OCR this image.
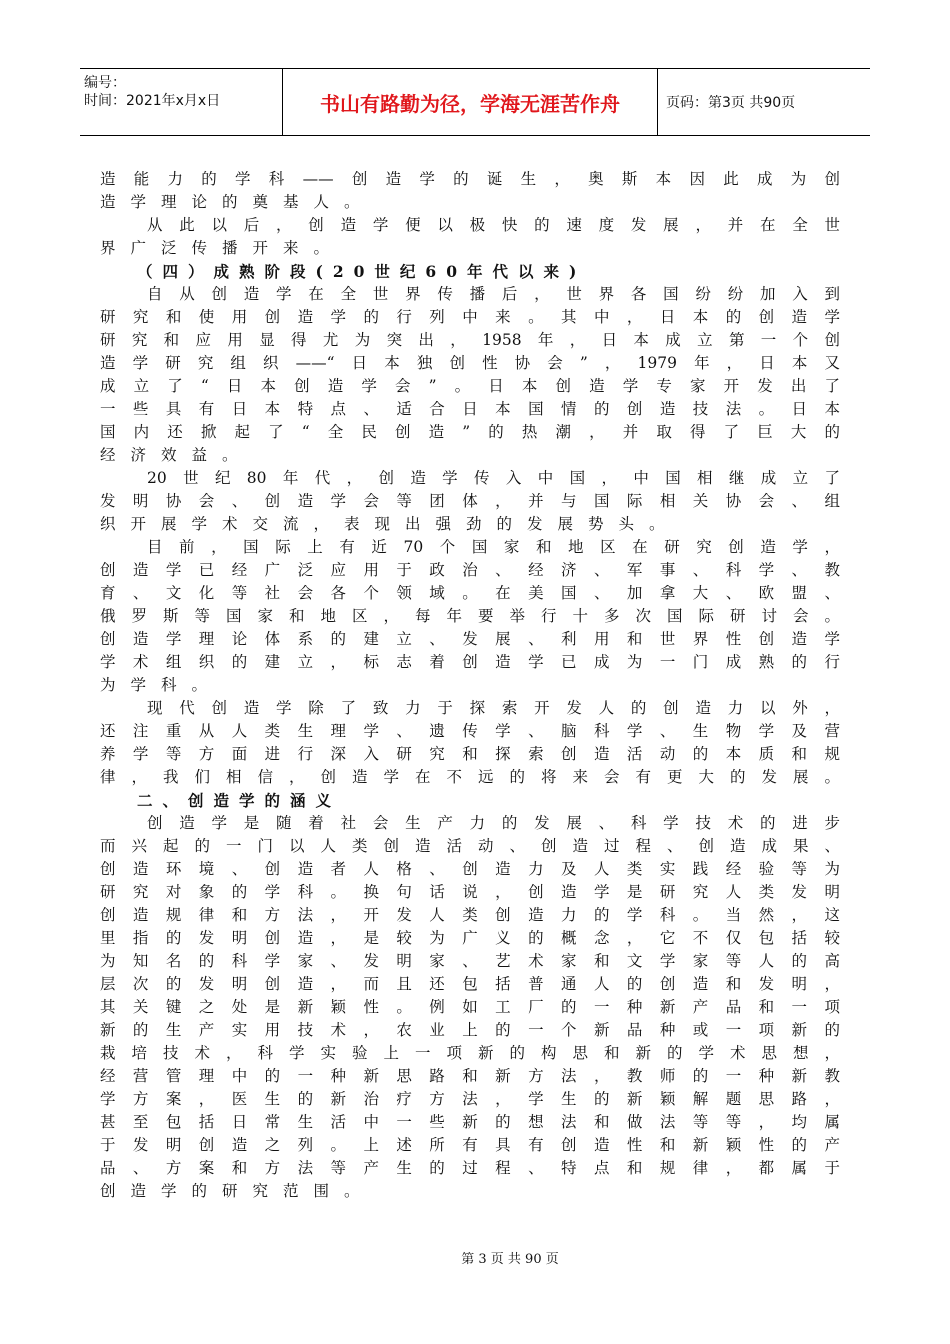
编号：
时间：2021年x月x日	书山有路勤为径，学海无涯苦作舟	页码：第3页 共90页
造能力的学科——创造学的诞生，奥斯本因此成为创
造学理论的奠基人。
从此以后，创造学便以极快的速度发展，并在全世
界广泛传播开来。
（四）成熟阶段(20世纪60年代以来)
自从创造学在全世界传播后，世界各国纷纷加入到
研究和使用创造学的行列中来。其中，日本的创造学
研究和应用显得尤为突出，1958年，日本成立第一个创
造学研究组织——“日本独创性协会”，1979年，日本又
成立了“日本创造学会”。日本创造学专家开发出了
一些具有日本特点、适合日本国情的创造技法。日本
国内还掀起了“全民创造”的热潮，并取得了巨大的
经济效益。
20世纪80年代，创造学传入中国，中国相继成立了
发明协会、创造学会等团体，并与国际相关协会、组
织开展学术交流，表现出强劲的发展势头。
目前，国际上有近70个国家和地区在研究创造学，
创造学已经广泛应用于政治、经济、军事、科学、教
育、文化等社会各个领域。在美国、加拿大、欧盟、
俄罗斯等国家和地区，每年要举行十多次国际研讨会。
创造学理论体系的建立、发展、利用和世界性创造学
学术组织的建立，标志着创造学已成为一门成熟的行
为学科。
现代创造学除了致力于探索开发人的创造力以外，
还注重从人类生理学、遗传学、脑科学、生物学及营
养学等方面进行深入研究和探索创造活动的本质和规
律，我们相信，创造学在不远的将来会有更大的发展。
二、创造学的涵义
创造学是随着社会生产力的发展、科学技术的进步
而兴起的一门以人类创造活动、创造过程、创造成果、
创造环境、创造者人格、创造力及人类实践经验等为
研究对象的学科。换句话说，创造学是研究人类发明
创造规律和方法，开发人类创造力的学科。当然，这
里指的发明创造，是较为广义的概念，它不仅包括较
为知名的科学家、发明家、艺术家和文学家等人的高
层次的发明创造，而且还包括普通人的创造和发明，
其关键之处是新颖性。例如工厂的一种新产品和一项
新的生产实用技术，农业上的一个新品种或一项新的
栽培技术，科学实验上一项新的构思和新的学术思想，
经营管理中的一种新思路和新方法，教师的一种新教
学方案，医生的新治疗方法，学生的新颖解题思路，
甚至包括日常生活中一些新的想法和做法等等，均属
于发明创造之列。上述所有具有创造性和新颖性的产
品、方案和方法等产生的过程、特点和规律，都属于
创造学的研究范围。
第 3 页 共 90 页
